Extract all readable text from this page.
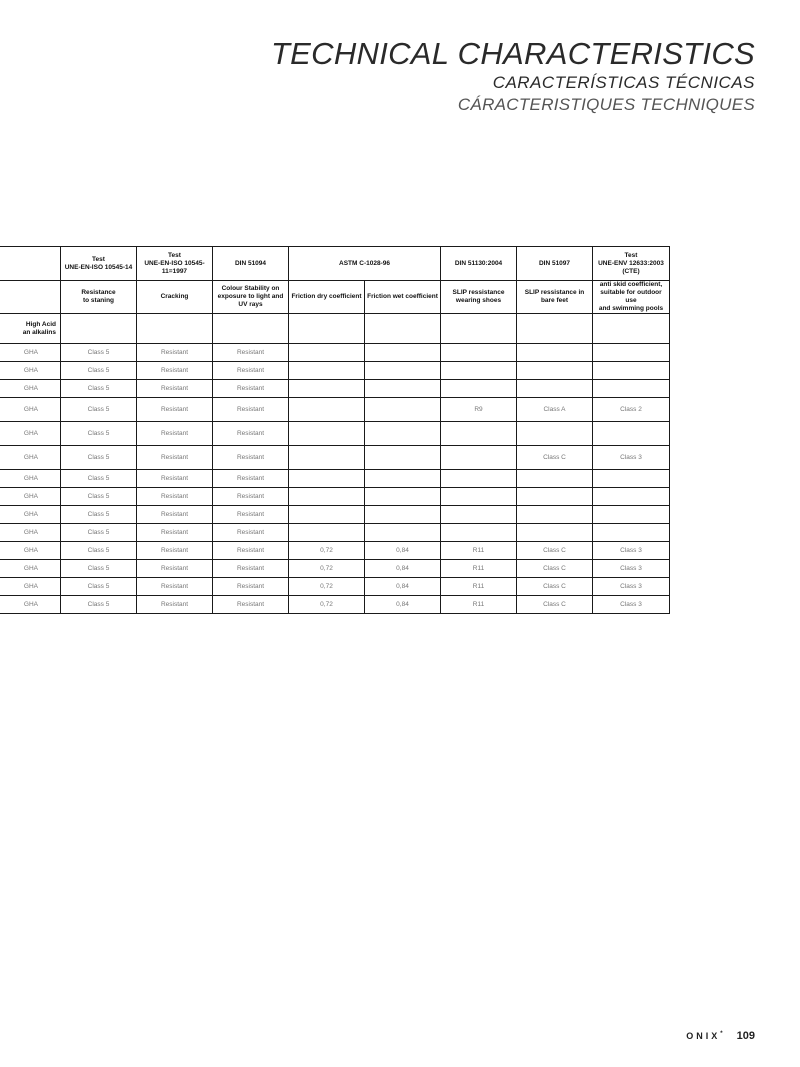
TECHNICAL CHARACTERISTICS
CARACTERÍSTICAS TÉCNICAS
CÁRACTERISTIQUES TECHNIQUES
	Test
UNE-EN-ISO 10545-14	Test
UNE-EN-ISO 10545-
11=1997	DIN 51094	ASTM C-1028-96		DIN 51130:2004	DIN 51097	Test
UNE-ENV 12633:2003
(CTE)
	Resistance
to staning	Cracking	Colour Stability on
exposure to light and
UV rays	Friction dry coefficient	Friction wet coefficient	SLIP ressistance
wearing shoes	SLIP ressistance in
bare feet	anti skid coefficient,
suitable for outdoor use
and swimming pools
High Acid
an alkalins								
GHA	Class 5	Resistant	Resistant					
GHA	Class 5	Resistant	Resistant					
GHA	Class 5	Resistant	Resistant					
GHA	Class 5	Resistant	Resistant			R9	Class A	Class 2
GHA	Class 5	Resistant	Resistant					
GHA	Class 5	Resistant	Resistant				Class C	Class 3
GHA	Class 5	Resistant	Resistant					
GHA	Class 5	Resistant	Resistant					
GHA	Class 5	Resistant	Resistant					
GHA	Class 5	Resistant	Resistant					
GHA	Class 5	Resistant	Resistant	0,72	0,84	R11	Class C	Class 3
GHA	Class 5	Resistant	Resistant	0,72	0,84	R11	Class C	Class 3
GHA	Class 5	Resistant	Resistant	0,72	0,84	R11	Class C	Class 3
GHA	Class 5	Resistant	Resistant	0,72	0,84	R11	Class C	Class 3
ONIX* 109
